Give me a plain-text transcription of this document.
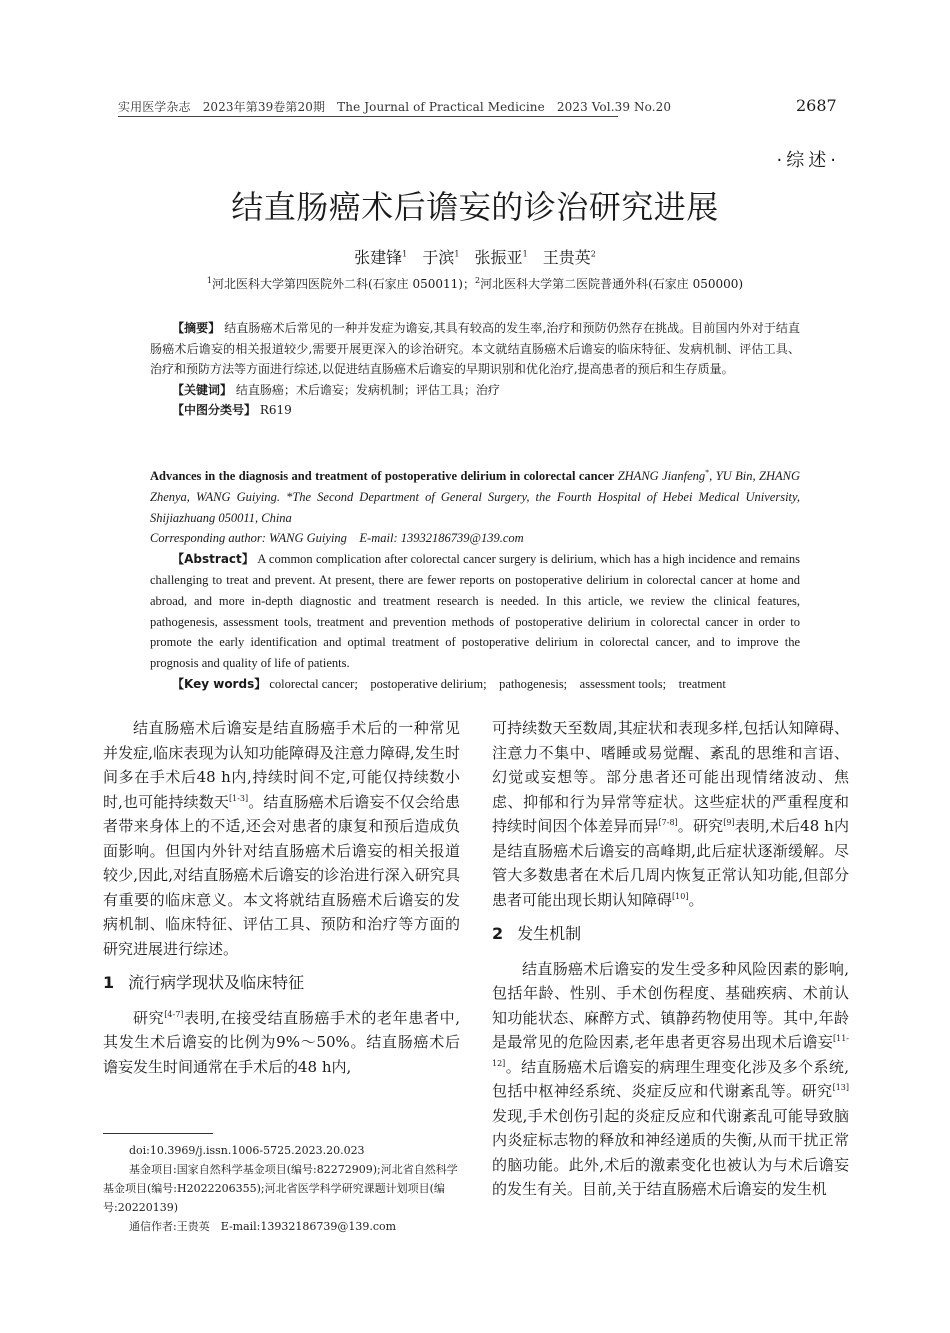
实用医学杂志　2023年第39卷第20期　The Journal of Practical Medicine　2023 Vol.39 No.20	2687
·综述·
结直肠癌术后谵妄的诊治研究进展
张建锋$^1$ 于滨$^1$ 张振亚$^1$ 王贵英$^2$
$^1$河北医科大学第四医院外二科(石家庄 050011)；$^2$河北医科大学第二医院普通外科(石家庄 050000)
【摘要】 结直肠癌术后常见的一种并发症为谵妄,其具有较高的发生率,治疗和预防仍然存在挑战。目前国内外对于结直肠癌术后谵妄的相关报道较少,需要开展更深入的诊治研究。本文就结直肠癌术后谵妄的临床特征、发病机制、评估工具、治疗和预防方法等方面进行综述,以促进结直肠癌术后谵妄的早期识别和优化治疗,提高患者的预后和生存质量。
【关键词】 结直肠癌；术后谵妄；发病机制；评估工具；治疗
【中图分类号】 R619
Advances in the diagnosis and treatment of postoperative delirium in colorectal cancer ZHANG Jianfeng*, YU Bin, ZHANG Zhenya, WANG Guiying. *The Second Department of General Surgery, the Fourth Hospital of Hebei Medical University, Shijiazhuang 050011, China
Corresponding author: WANG Guiying　E-mail: 13932186739@139.com
【Abstract】 A common complication after colorectal cancer surgery is delirium, which has a high incidence and remains challenging to treat and prevent. At present, there are fewer reports on postoperative delirium in colorectal cancer at home and abroad, and more in-depth diagnostic and treatment research is needed. In this article, we review the clinical features, pathogenesis, assessment tools, treatment and prevention methods of postoperative delirium in colorectal cancer in order to promote the early identification and optimal treatment of postoperative delirium in colorectal cancer, and to improve the prognosis and quality of life of patients.
【Key words】 colorectal cancer;　postoperative delirium;　pathogenesis;　assessment tools;　treatment

结直肠癌术后谵妄是结直肠癌手术后的一种常见并发症,临床表现为认知功能障碍及注意力障碍,发生时间多在手术后48 h内,持续时间不定,可能仅持续数小时,也可能持续数天[1-3]。结直肠癌术后谵妄不仅会给患者带来身体上的不适,还会对患者的康复和预后造成负面影响。但国内外针对结直肠癌术后谵妄的相关报道较少,因此,对结直肠癌术后谵妄的诊治进行深入研究具有重要的临床意义。本文将就结直肠癌术后谵妄的发病机制、临床特征、评估工具、预防和治疗等方面的研究进展进行综述。

1 流行病学现状及临床特征

研究[4-7]表明,在接受结直肠癌手术的老年患者中,其发生术后谵妄的比例为9%～50%。结直肠癌术后谵妄发生时间通常在手术后的48 h内,

doi:10.3969/j.issn.1006-5725.2023.20.023
基金项目:国家自然科学基金项目(编号:82272909);河北省自然科学基金项目(编号:H2022206355);河北省医学科学研究课题计划项目(编号:20220139)
通信作者:王贵英　E-mail:13932186739@139.com

可持续数天至数周,其症状和表现多样,包括认知障碍、注意力不集中、嗜睡或易觉醒、紊乱的思维和言语、幻觉或妄想等。部分患者还可能出现情绪波动、焦虑、抑郁和行为异常等症状。这些症状的严重程度和持续时间因个体差异而异[7-8]。研究[9]表明,术后48 h内是结直肠癌术后谵妄的高峰期,此后症状逐渐缓解。尽管大多数患者在术后几周内恢复正常认知功能,但部分患者可能出现长期认知障碍[10]。

2 发生机制

结直肠癌术后谵妄的发生受多种风险因素的影响,包括年龄、性别、手术创伤程度、基础疾病、术前认知功能状态、麻醉方式、镇静药物使用等。其中,年龄是最常见的危险因素,老年患者更容易出现术后谵妄[11-12]。结直肠癌术后谵妄的病理生理变化涉及多个系统,包括中枢神经系统、炎症反应和代谢紊乱等。研究[13]发现,手术创伤引起的炎症反应和代谢紊乱可能导致脑内炎症标志物的释放和神经递质的失衡,从而干扰正常的脑功能。此外,术后的激素变化也被认为与术后谵妄的发生有关。目前,关于结直肠癌术后谵妄的发生机
